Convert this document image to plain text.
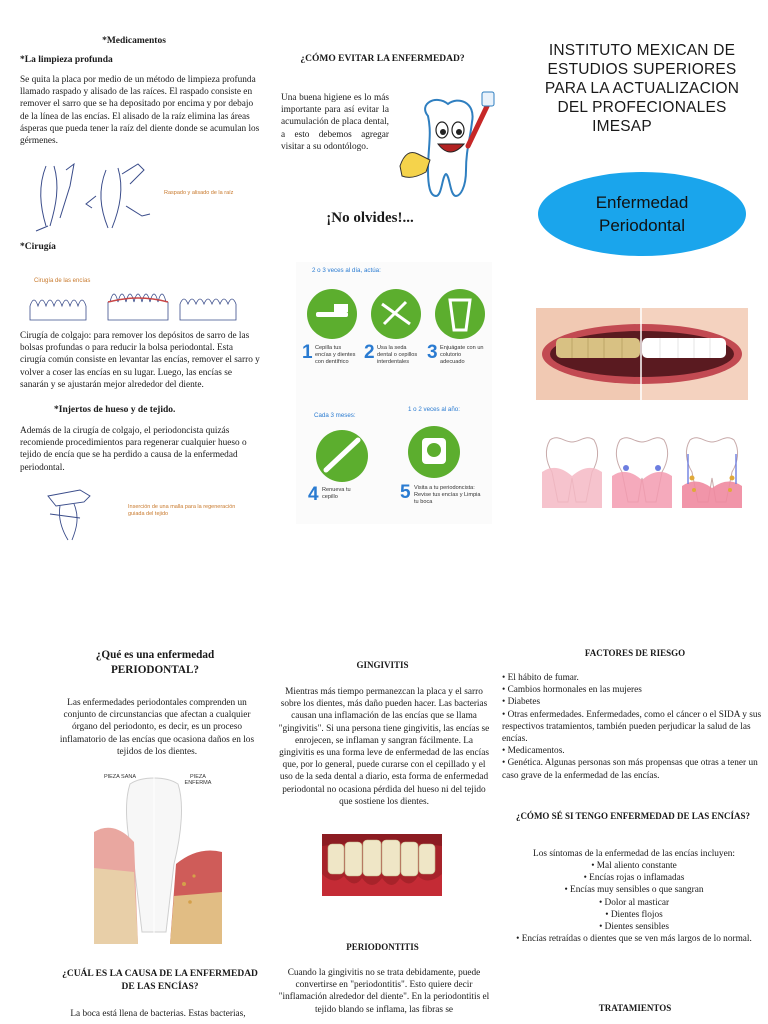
*Medicamentos

*La limpieza profunda

Se quita la placa por medio de un método de limpieza profunda llamado raspado y alisado de las raíces. El raspado consiste en remover el sarro que se ha depositado por encima y por debajo de la línea de las encías. El alisado de la raíz elimina las áreas ásperas que pueda tener la raíz del diente donde se acumulan los gérmenes.

Raspado y alisado de la raíz

*Cirugía

Cirugía de las encías

Cirugía de colgajo: para remover los depósitos de sarro de las bolsas profundas o para reducir la bolsa periodontal. Esta cirugía común consiste en levantar las encías, remover el sarro y volver a coser las encías en su lugar. Luego, las encías se sanarán y se ajustarán mejor alrededor del diente.

*Injertos de hueso y de tejido.

Además de la cirugía de colgajo, el periodoncista quizás recomiende procedimientos para regenerar cualquier hueso o tejido de encía que se ha perdido a causa de la enfermedad periodontal.

Inserción de una malla para la regeneración guiada del tejido

¿CÓMO EVITAR LA ENFERMEDAD?

Una buena higiene es lo más importante para así evitar la acumulación de placa dental, a esto debemos agregar visitar a su odontólogo.

¡No olvides!...

2 o 3 veces al día, actúa:
1 Cepilla tus encías y dientes con dentífrico 2 Usa la seda dental o cepillos interdentales 3 Enjuágate con un colutorio adecuado
Cada 3 meses:
1 o 2 veces al año:
4 Renueva tu cepillo	5 Visita a tu periodoncista: Revise tus encías y Limpia tu boca
INSTITUTO MEXICAN DE
ESTUDIOS SUPERIORES
PARA LA ACTUALIZACION
DEL PROFECIONALES
IMESAP
Enfermedad
Periodontal

¿Qué es una enfermedad PERIODONTAL?

Las enfermedades periodontales comprenden un conjunto de circunstancias que afectan a cualquier órgano del periodonto, es decir, es un proceso inflamatorio de las encías que ocasiona daños en los tejidos de los dientes.

PIEZA SANA	PIEZA ENFERMA

¿CUÁL ES LA CAUSA DE LA ENFERMEDAD DE LAS ENCÍAS?

La boca está llena de bacterias. Estas bacterias,

GINGIVITIS

Mientras más tiempo permanezcan la placa y el sarro sobre los dientes, más daño pueden hacer. Las bacterias causan una inflamación de las encías que se llama "gingivitis". Si una persona tiene gingivitis, las encías se enrojecen, se inflaman y sangran fácilmente. La gingivitis es una forma leve de enfermedad de las encías que, por lo general, puede curarse con el cepillado y el uso de la seda dental a diario, esta forma de enfermedad periodontal no ocasiona pérdida del hueso ni del tejido que sostiene los dientes.

PERIODONTITIS

Cuando la gingivitis no se trata debidamente, puede convertirse en "periodontitis". Esto quiere decir "inflamación alrededor del diente". En la periodontitis el tejido blando se inflama, las fibras se

FACTORES DE RIESGO

• El hábito de fumar.
• Cambios hormonales en las mujeres
• Diabetes
• Otras enfermedades. Enfermedades, como el cáncer o el SIDA y sus respectivos tratamientos, también pueden perjudicar la salud de las encías.
• Medicamentos.
• Genética. Algunas personas son más propensas que otras a tener un caso grave de la enfermedad de las encías.

¿CÓMO SÉ SI TENGO ENFERMEDAD DE LAS ENCÍAS?

Los síntomas de la enfermedad de las encías incluyen:

• Mal aliento constante
• Encías rojas o inflamadas
• Encías muy sensibles o que sangran
• Dolor al masticar
• Dientes flojos
• Dientes sensibles
• Encías retraídas o dientes que se ven más largos de lo normal.

TRATAMIENTOS
